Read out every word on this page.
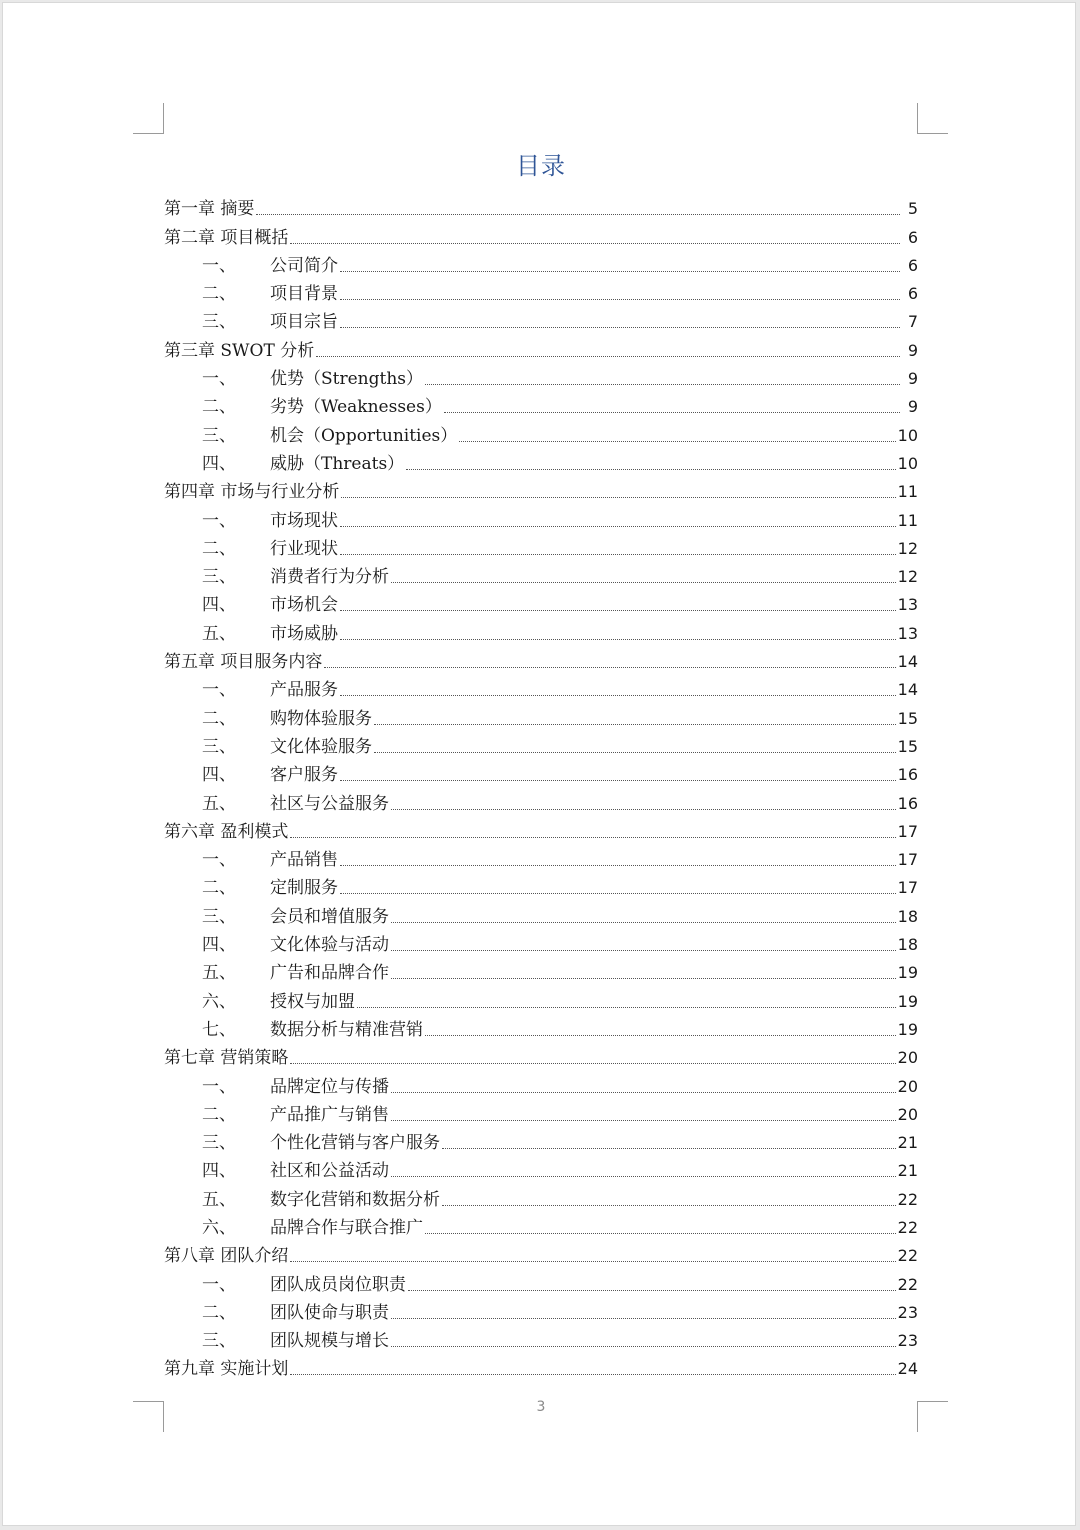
目录
第一章 摘要	5
第二章 项目概括	6
一、	公司简介	6
二、	项目背景	6
三、	项目宗旨	7
第三章 SWOT 分析	9
一、	优势（Strengths）	9
二、	劣势（Weaknesses）	9
三、	机会（Opportunities）	10
四、	威胁（Threats）	10
第四章 市场与行业分析	11
一、	市场现状	11
二、	行业现状	12
三、	消费者行为分析	12
四、	市场机会	13
五、	市场威胁	13
第五章 项目服务内容	14
一、	产品服务	14
二、	购物体验服务	15
三、	文化体验服务	15
四、	客户服务	16
五、	社区与公益服务	16
第六章 盈利模式	17
一、	产品销售	17
二、	定制服务	17
三、	会员和增值服务	18
四、	文化体验与活动	18
五、	广告和品牌合作	19
六、	授权与加盟	19
七、	数据分析与精准营销	19
第七章 营销策略	20
一、	品牌定位与传播	20
二、	产品推广与销售	20
三、	个性化营销与客户服务	21
四、	社区和公益活动	21
五、	数字化营销和数据分析	22
六、	品牌合作与联合推广	22
第八章 团队介绍	22
一、	团队成员岗位职责	22
二、	团队使命与职责	23
三、	团队规模与增长	23
第九章 实施计划	24
3
